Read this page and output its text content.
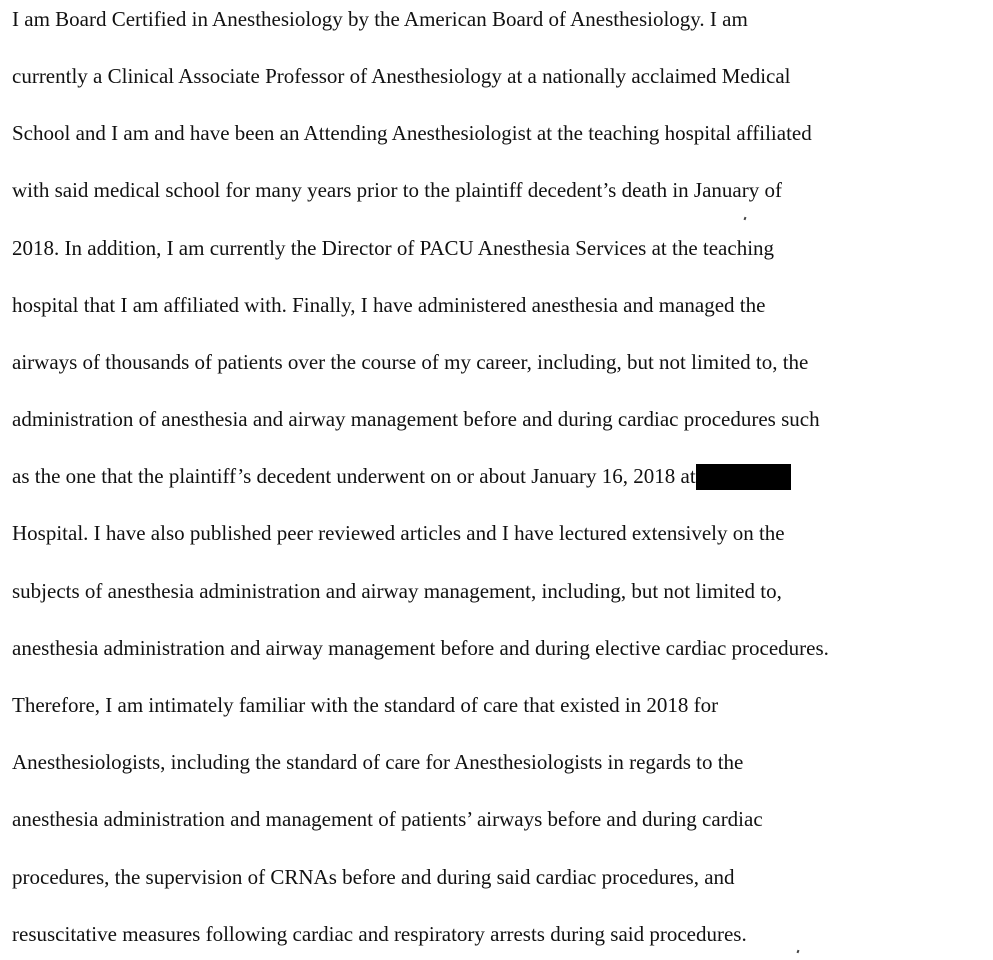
I am Board Certified in Anesthesiology by the American Board of Anesthesiology. I am
currently a Clinical Associate Professor of Anesthesiology at a nationally acclaimed Medical
School and I am and have been an Attending Anesthesiologist at the teaching hospital affiliated
with said medical school for many years prior to the plaintiff decedent’s death in January of
2018. In addition, I am currently the Director of PACU Anesthesia Services at the teaching
hospital that I am affiliated with. Finally, I have administered anesthesia and managed the
airways of thousands of patients over the course of my career, including, but not limited to, the
administration of anesthesia and airway management before and during cardiac procedures such
as the one that the plaintiff’s decedent underwent on or about January 16, 2018 at
Hospital. I have also published peer reviewed articles and I have lectured extensively on the
subjects of anesthesia administration and airway management, including, but not limited to,
anesthesia administration and airway management before and during elective cardiac procedures.
Therefore, I am intimately familiar with the standard of care that existed in 2018 for
Anesthesiologists, including the standard of care for Anesthesiologists in regards to the
anesthesia administration and management of patients’ airways before and during cardiac
procedures, the supervision of CRNAs before and during said cardiac procedures, and
resuscitative measures following cardiac and respiratory arrests during said procedures.
